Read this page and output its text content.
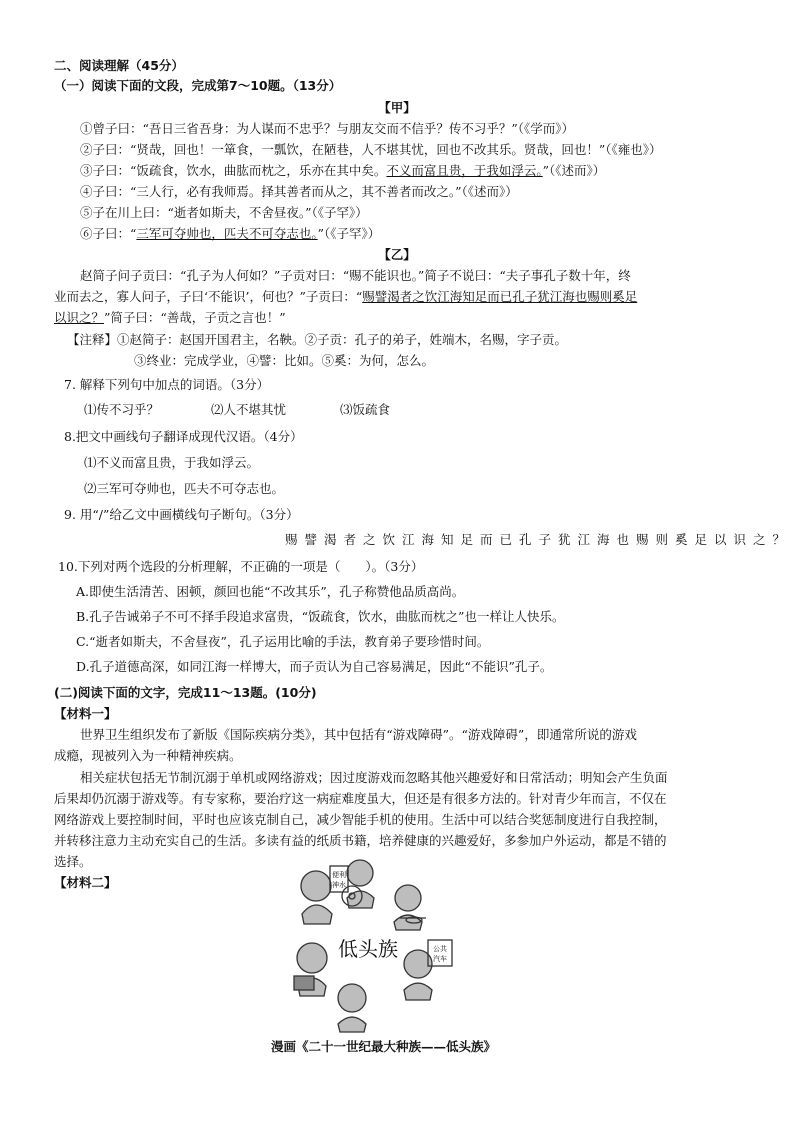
二、阅读理解（45分）
（一）阅读下面的文段，完成第7～10题。（13分）
【甲】
①曾子曰：“吾日三省吾身：为人谋而不忠乎？与朋友交而不信乎？传不习乎？”（《学而》）
②子曰：“贤哉，回也！一箪食，一瓢饮，在陋巷，人不堪其忧，回也不改其乐。贤哉，回也！”（《雍也》）
③子曰：“饭疏食，饮水，曲肱而枕之，乐亦在其中矣。不义而富且贵，于我如浮云。”（《述而》）
④子曰：“三人行，必有我师焉。择其善者而从之，其不善者而改之。”（《述而》）
⑤子在川上曰：“逝者如斯夫，不舍昼夜。”（《子罕》）
⑥子曰：“三军可夺帅也，匹夫不可夺志也。”（《子罕》）
【乙】
赵简子问子贡曰：“孔子为人何如？”子贡对曰：“赐不能识也。”简子不说曰：“夫子事孔子数十年，终
业而去之，寡人问子，子曰‘不能识’，何也？”子贡曰：“赐譬渴者之饮江海知足而已孔子犹江海也赐则奚足
以识之？”简子曰：“善哉，子贡之言也！”
【注释】①赵简子：赵国开国君主，名鞅。②子贡：孔子的弟子，姓端木，名赐，字子贡。
③终业：完成学业，④譬：比如。⑤奚：为何，怎么。
7. 解释下列句中加点的词语。（3分）
⑴传不习乎？	⑵人不堪其忧	⑶饭疏食
8.把文中画线句子翻译成现代汉语。（4分）
⑴不义而富且贵，于我如浮云。
⑵三军可夺帅也，匹夫不可夺志也。
9. 用“/”给乙文中画横线句子断句。（3分）
赐譬渴者之饮江海知足而已孔子犹江海也赐则奚足以识之？
10.下列对两个选段的分析理解，不正确的一项是（　　）。（3分）
A.即使生活清苦、困顿，颜回也能“不改其乐”，孔子称赞他品质高尚。
B.孔子告诫弟子不可不择手段追求富贵，“饭疏食，饮水，曲肱而枕之”也一样让人快乐。
C.“逝者如斯夫，不舍昼夜”，孔子运用比喻的手法，教育弟子要珍惜时间。
D.孔子道德高深，如同江海一样博大，而子贡认为自己容易满足，因此“不能识”孔子。
(二)阅读下面的文字，完成11～13题。(10分)
【材料一】
世界卫生组织发布了新版《国际疾病分类》，其中包括有“游戏障碍”。“游戏障碍”，即通常所说的游戏
成瘾，现被列入为一种精神疾病。
相关症状包括无节制沉溺于单机或网络游戏；因过度游戏而忽略其他兴趣爱好和日常活动；明知会产生负面
后果却仍沉溺于游戏等。有专家称，要治疗这一病症难度虽大，但还是有很多方法的。针对青少年而言，不仅在
网络游戏上要控制时间，平时也应该克制自己，减少智能手机的使用。生活中可以结合奖惩制度进行自我控制，
并转移注意力主动充实自己的生活。多读有益的纸质书籍，培养健康的兴趣爱好，多参加户外运动，都是不错的
选择。
【材料二】	便利
神水
公共
汽车
低头族
漫画《二十一世纪最大种族——低头族》
